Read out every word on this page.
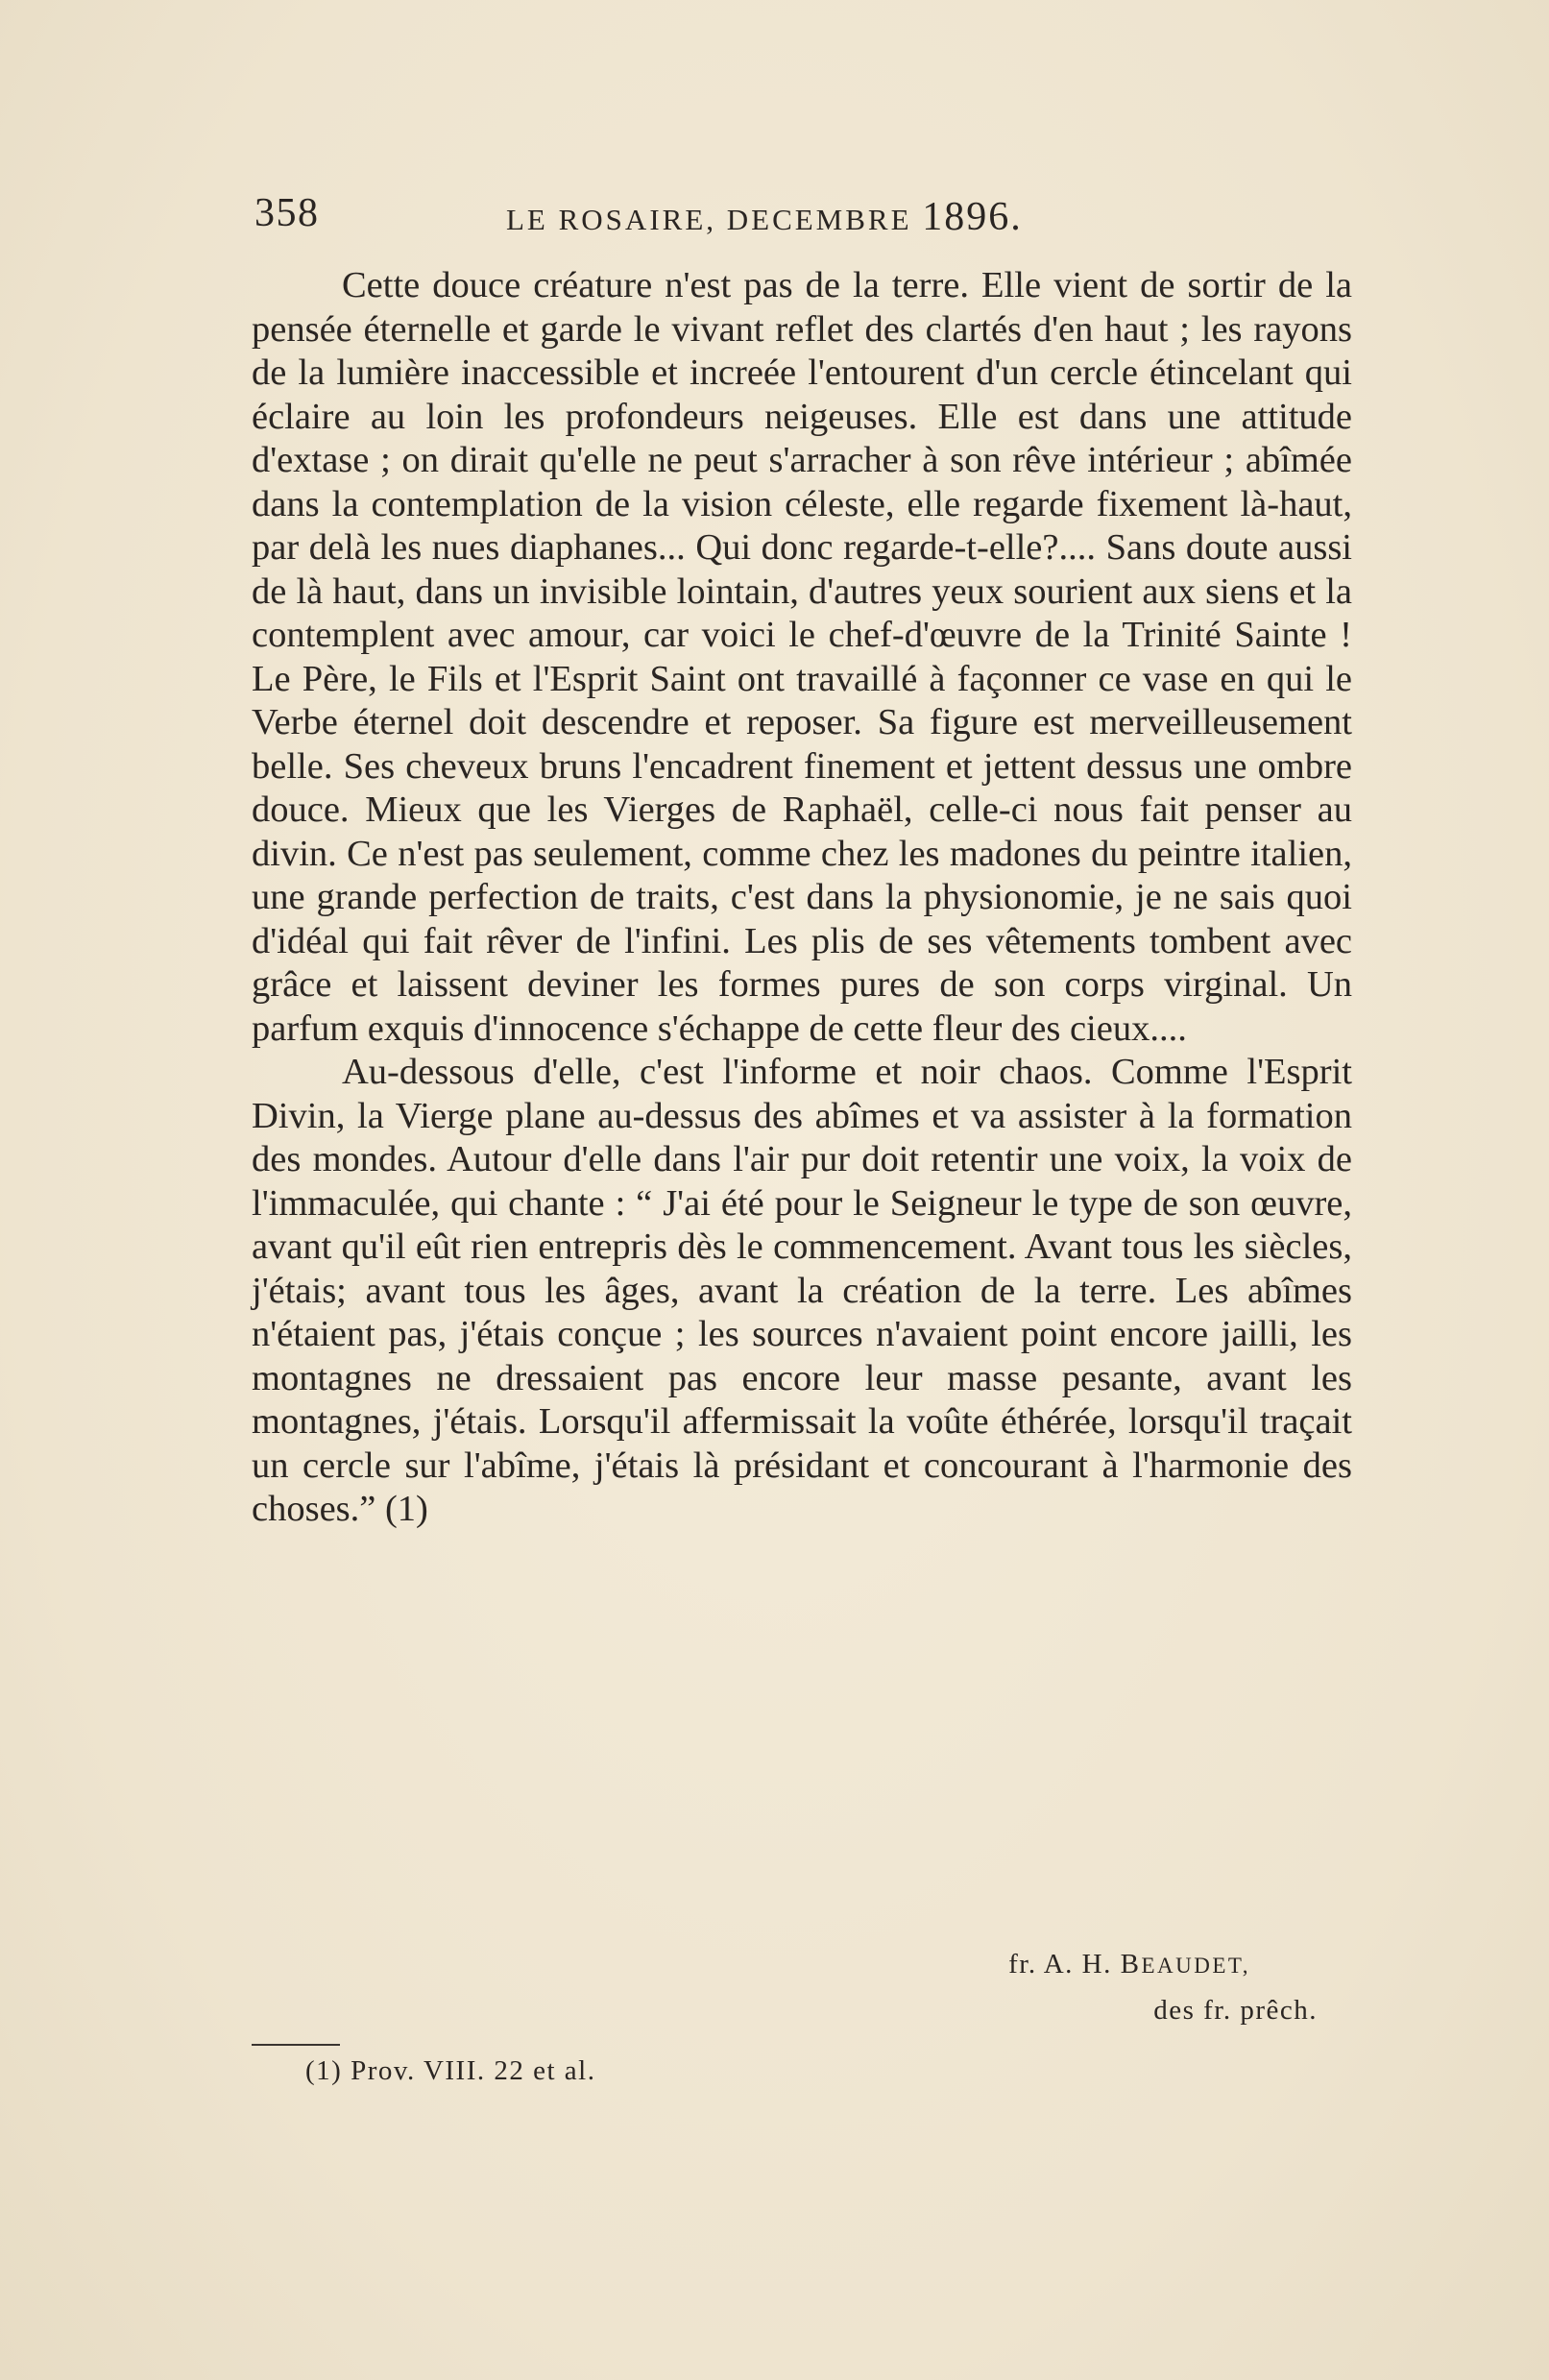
358	LE ROSAIRE, DECEMBRE 1896.

Cette douce créature n'est pas de la terre. Elle vient de sortir de la pensée éternelle et garde le vivant reflet des clartés d'en haut ; les rayons de la lumière inaccessible et increée l'entourent d'un cercle étincelant qui éclaire au loin les profondeurs neigeuses. Elle est dans une attitude d'extase ; on dirait qu'elle ne peut s'arracher à son rêve intérieur ; abîmée dans la contemplation de la vision céleste, elle regarde fixement là-haut, par delà les nues diaphanes... Qui donc regarde-t-elle?.... Sans doute aussi de là haut, dans un invisible lointain, d'autres yeux sourient aux siens et la contemplent avec amour, car voici le chef-d'œuvre de la Trinité Sainte ! Le Père, le Fils et l'Esprit Saint ont travaillé à façonner ce vase en qui le Verbe éternel doit descendre et reposer. Sa figure est merveilleusement belle. Ses cheveux bruns l'encadrent finement et jettent dessus une ombre douce. Mieux que les Vierges de Raphaël, celle-ci nous fait penser au divin. Ce n'est pas seulement, comme chez les madones du peintre italien, une grande perfection de traits, c'est dans la physionomie, je ne sais quoi d'idéal qui fait rêver de l'infini. Les plis de ses vêtements tombent avec grâce et laissent deviner les formes pures de son corps virginal. Un parfum exquis d'innocence s'échappe de cette fleur des cieux....

Au-dessous d'elle, c'est l'informe et noir chaos. Comme l'Esprit Divin, la Vierge plane au-dessus des abîmes et va assister à la formation des mondes. Autour d'elle dans l'air pur doit retentir une voix, la voix de l'immaculée, qui chante : “ J'ai été pour le Seigneur le type de son œuvre, avant qu'il eût rien entrepris dès le commencement. Avant tous les siècles, j'étais; avant tous les âges, avant la création de la terre. Les abîmes n'étaient pas, j'étais conçue ; les sources n'avaient point encore jailli, les montagnes ne dressaient pas encore leur masse pesante, avant les montagnes, j'étais. Lorsqu'il affermissait la voûte éthérée, lorsqu'il traçait un cercle sur l'abîme, j'étais là présidant et concourant à l'harmonie des choses.” (1)

fr. A. H. BEAUDET,
des fr. prêch.
(1) Prov. VIII. 22 et al.
